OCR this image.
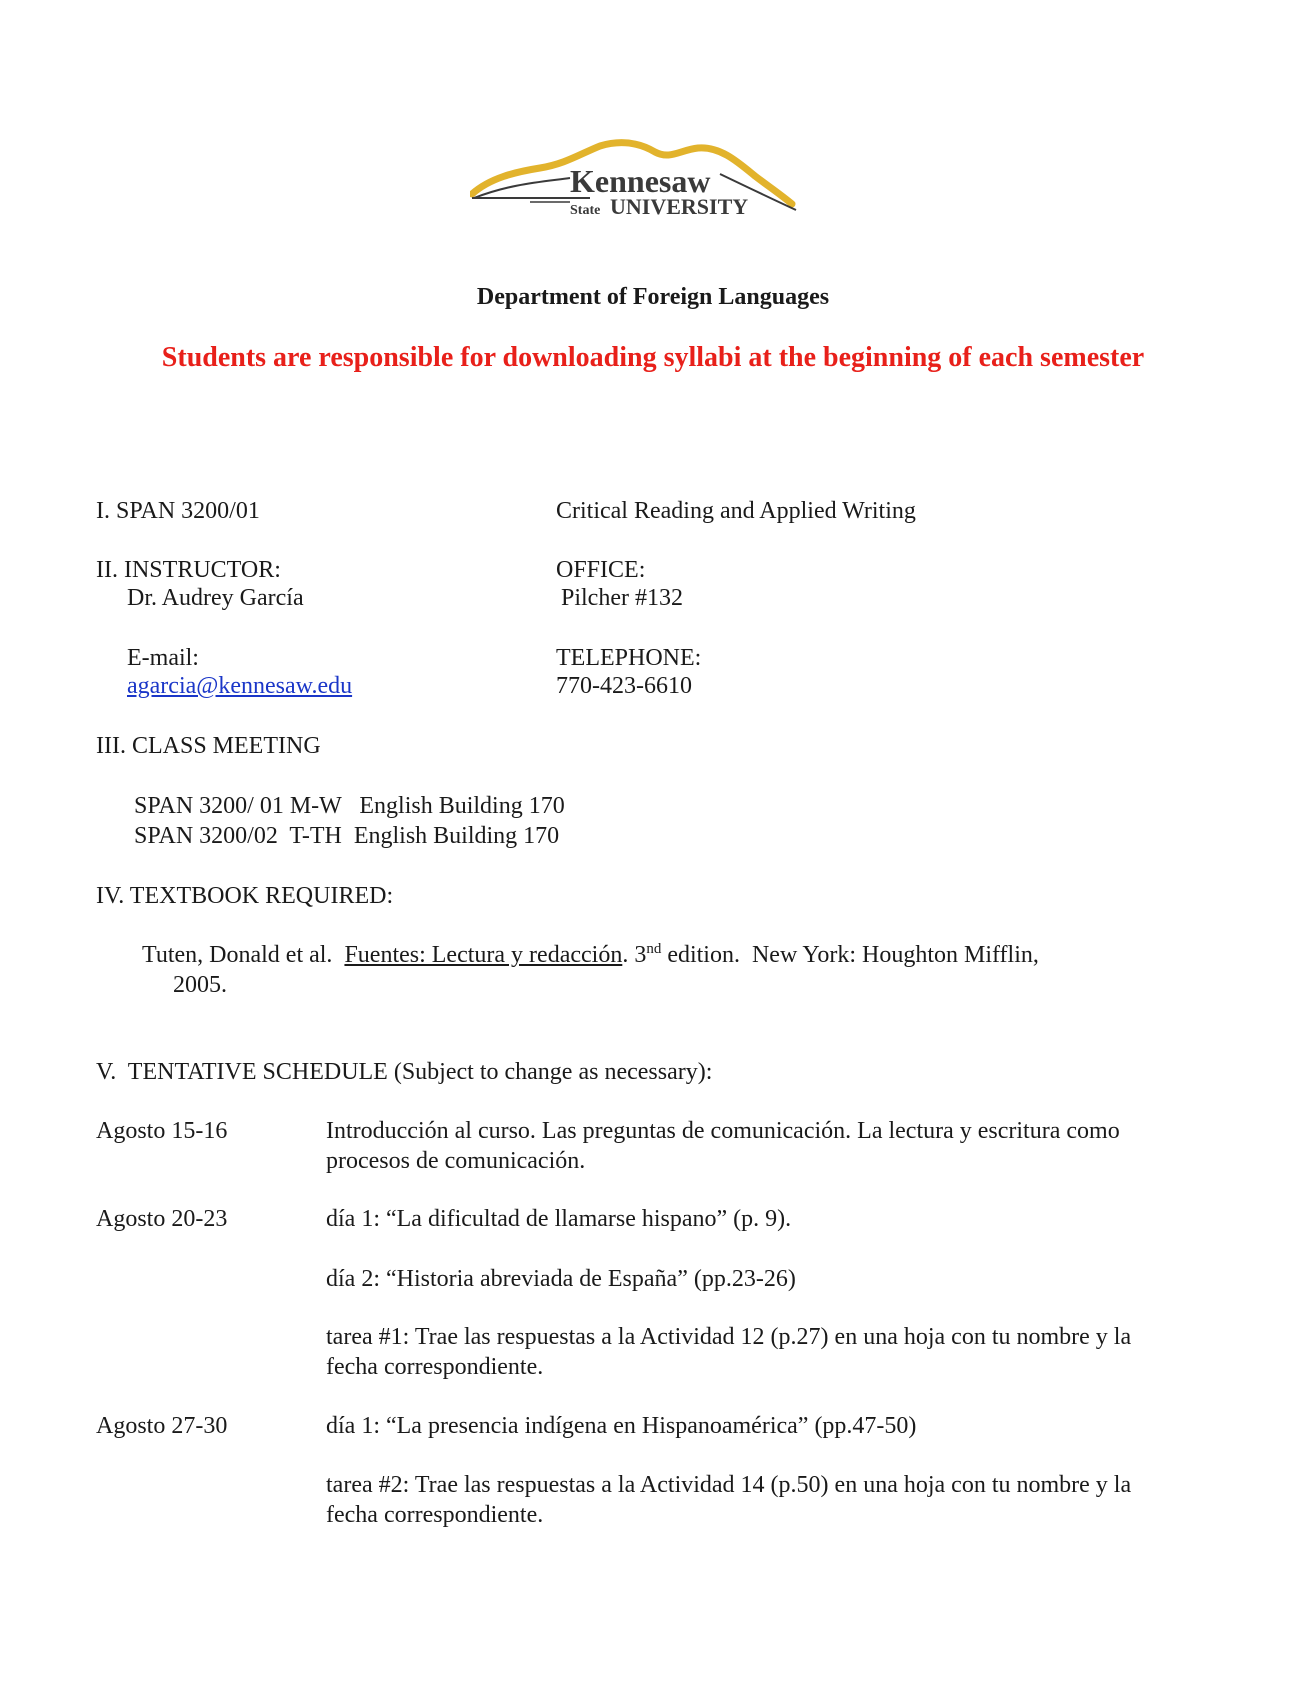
Kennesaw
State UNIVERSITY
Department of Foreign Languages
Students are responsible for downloading syllabi at the beginning of each semester
I. SPAN 3200/01	Critical Reading and Applied Writing
II. INSTRUCTOR:
Dr. Audrey García
OFFICE:
Pilcher #132
E-mail:
agarcia@kennesaw.edu
TELEPHONE:
770-423-6610
III. CLASS MEETING
SPAN 3200/ 01 M-W   English Building 170
SPAN 3200/02  T-TH  English Building 170
IV. TEXTBOOK REQUIRED:
Tuten, Donald et al. Fuentes: Lectura y redacción. 3nd edition.  New York: Houghton Mifflin,
2005.
V.  TENTATIVE SCHEDULE (Subject to change as necessary):
Agosto 15-16	Introducción al curso. Las preguntas de comunicación. La lectura y escritura como procesos de comunicación.
Agosto 20-23	día 1: “La dificultad de llamarse hispano” (p. 9).
día 2: “Historia abreviada de España” (pp.23-26)
tarea #1: Trae las respuestas a la Actividad 12 (p.27) en una hoja con tu nombre y la fecha correspondiente.
Agosto 27-30	día 1: “La presencia indígena en Hispanoamérica” (pp.47-50)
tarea #2: Trae las respuestas a la Actividad 14 (p.50) en una hoja con tu nombre y la fecha correspondiente.
